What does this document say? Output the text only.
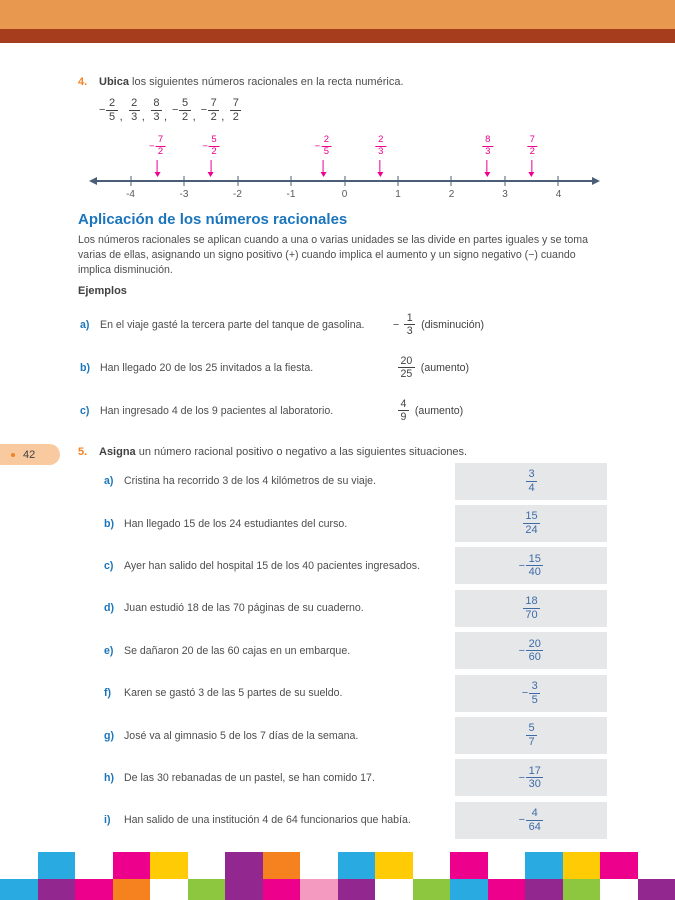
4.	Ubica los siguientes números racionales en la recta numérica.
− $\frac{2}{5}$
, $\frac{2}{3}$
, $\frac{8}{3}$
, − $\frac{5}{2}$
, − $\frac{7}{2}$
, $\frac{7}{2}$
-4	-3	-2	-1	0	1	2	3	4
− $\frac{7}{2}$	− $\frac{5}{2}$	− $\frac{2}{5}$	$\frac{2}{3}$	$\frac{8}{3}$	$\frac{7}{2}$
Aplicación de los números racionales
Los números racionales se aplican cuando a una o varias unidades se las divide en partes iguales y se toma varias de ellas, asignando un signo positivo (+) cuando implica el aumento y un signo negativo (−) cuando implica disminución.
Ejemplos
a) En el viaje gasté la tercera parte del tanque de gasolina.	− $\frac{1}{3}$ (disminución)
b) Han llegado 20 de los 25 invitados a la fiesta.	$\frac{20}{25}$ (aumento)
c) Han ingresado 4 de los 9 pacientes al laboratorio.	$\frac{4}{9}$ (aumento)
5.	Asigna un número racional positivo o negativo a las siguientes situaciones.
a) Cristina ha recorrido 3 de los 4 kilómetros de su viaje.	$\frac{3}{4}$
b) Han llegado 15 de los 24 estudiantes del curso.	$\frac{15}{24}$
c) Ayer han salido del hospital 15 de los 40 pacientes ingresados.	− $\frac{15}{40}$
d) Juan estudió 18 de las 70 páginas de su cuaderno.	$\frac{18}{70}$
e) Se dañaron 20 de las 60 cajas en un embarque.	− $\frac{20}{60}$
f)	Karen se gastó 3 de las 5 partes de su sueldo.	− $\frac{3}{5}$
g) José va al gimnasio 5 de los 7 días de la semana.	$\frac{5}{7}$
h) De las 30 rebanadas de un pastel, se han comido 17.	− $\frac{17}{30}$
i)	Han salido de una institución 4 de 64 funcionarios que había.	− $\frac{4}{64}$
42
